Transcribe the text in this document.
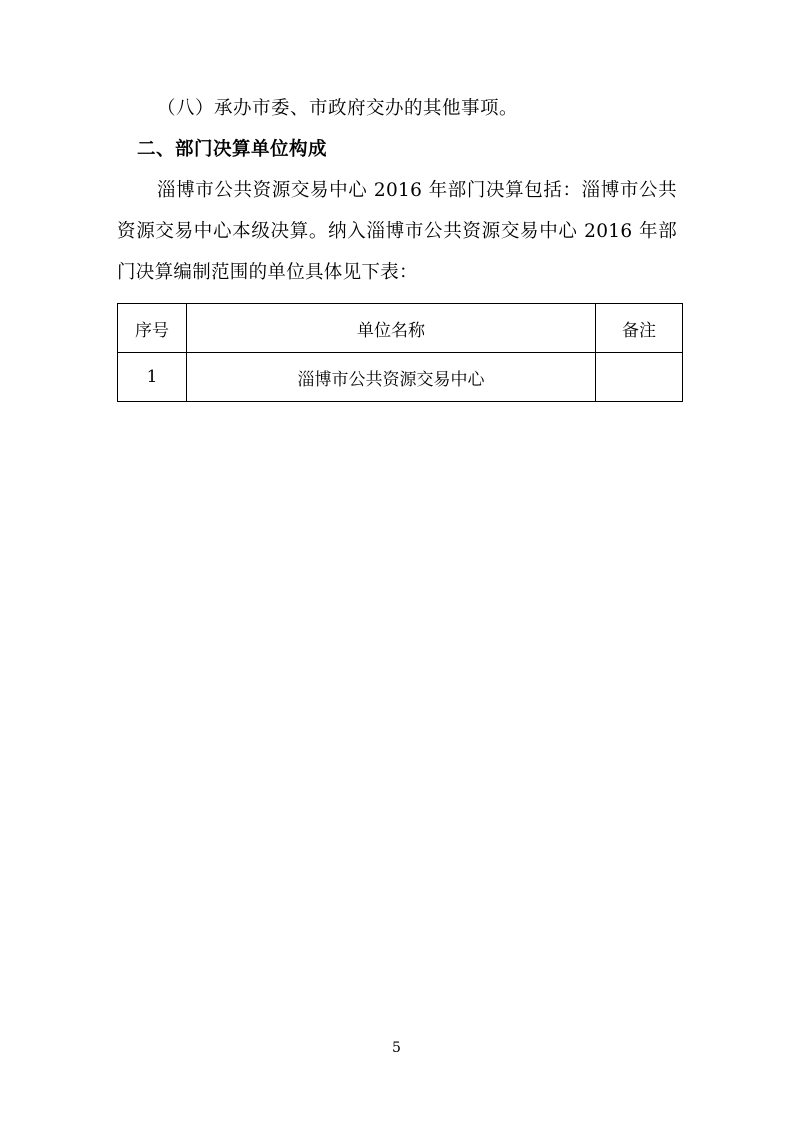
（八）承办市委、市政府交办的其他事项。

二、部门决算单位构成

淄博市公共资源交易中心 2016 年部门决算包括：淄博市公共资源交易中心本级决算。纳入淄博市公共资源交易中心 2016 年部门决算编制范围的单位具体见下表：

序号	单位名称	备注
1	淄博市公共资源交易中心	
5
